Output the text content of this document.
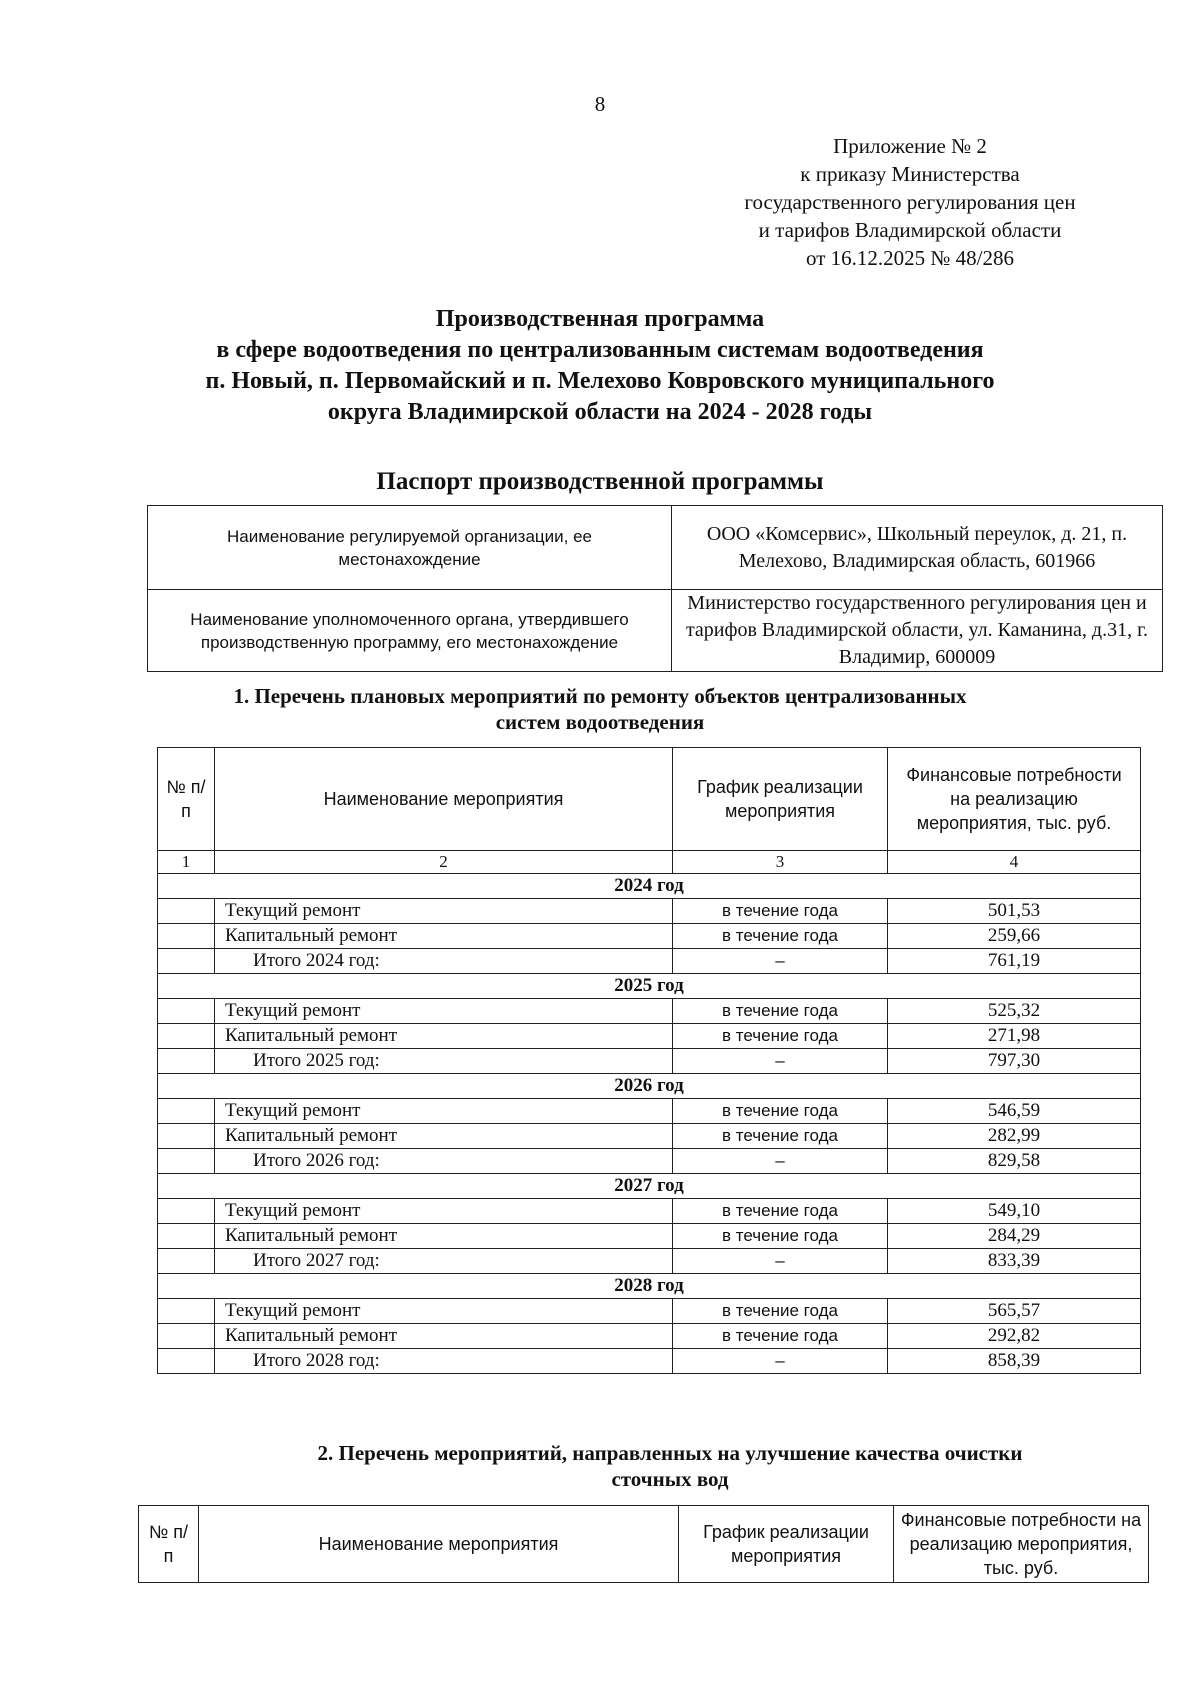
8
Приложение № 2
к приказу Министерства
государственного регулирования цен
и тарифов Владимирской области
от 16.12.2025 № 48/286
Производственная программа
в сфере водоотведения по централизованным системам водоотведения
п. Новый, п. Первомайский и п. Мелехово Ковровского муниципального
округа Владимирской области на 2024 - 2028 годы
Паспорт производственной программы
Наименование регулируемой организации, ее местонахождение	ООО «Комсервис», Школьный переулок, д. 21, п. Мелехово, Владимирская область, 601966
Наименование уполномоченного органа, утвердившего производственную программу, его местонахождение	Министерство государственного регулирования цен и тарифов Владимирской области, ул. Каманина, д.31, г. Владимир, 600009
1. Перечень плановых мероприятий по ремонту объектов централизованных
систем водоотведения
№ п/п	Наименование мероприятия	График реализации мероприятия	Финансовые потребности на реализацию мероприятия, тыс. руб.
1	2	3	4
2024 год			
	Текущий ремонт	в течение года	501,53
	Капитальный ремонт	в течение года	259,66
	Итого 2024 год:	–	761,19
2025 год			
	Текущий ремонт	в течение года	525,32
	Капитальный ремонт	в течение года	271,98
	Итого 2025 год:	–	797,30
2026 год			
	Текущий ремонт	в течение года	546,59
	Капитальный ремонт	в течение года	282,99
	Итого 2026 год:	–	829,58
2027 год			
	Текущий ремонт	в течение года	549,10
	Капитальный ремонт	в течение года	284,29
	Итого 2027 год:	–	833,39
2028 год			
	Текущий ремонт	в течение года	565,57
	Капитальный ремонт	в течение года	292,82
	Итого 2028 год:	–	858,39
2. Перечень мероприятий, направленных на улучшение качества очистки
сточных вод
№ п/п	Наименование мероприятия	График реализации мероприятия	Финансовые потребности на реализацию мероприятия, тыс. руб.
